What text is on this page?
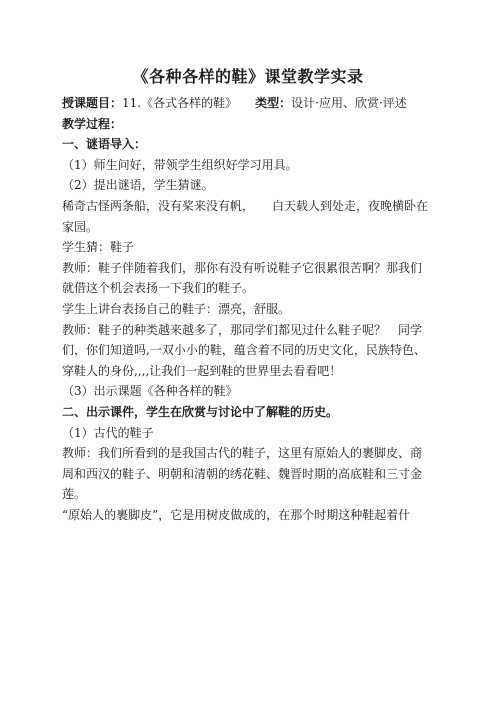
《各种各样的鞋》课堂教学实录
授课题目：11.《各式各样的鞋》 类型：设计·应用、欣赏·评述
教学过程：
一、谜语导入：
（1）师生问好，带领学生组织好学习用具。
（2）提出谜语，学生猜谜。
稀奇古怪两条船，没有桨来没有帆， 白天载人到处走，夜晚横卧在
家园。
学生猜：鞋子
教师：鞋子伴随着我们，那你有没有听说鞋子它很累很苦啊？那我们
就借这个机会表扬一下我们的鞋子。
学生上讲台表扬自己的鞋子：漂亮，舒服。
教师：鞋子的种类越来越多了，那同学们都见过什么鞋子呢？　同学
们，你们知道吗,一双小小的鞋，蕴含着不同的历史文化，民族特色、
穿鞋人的身份,,,,让我们一起到鞋的世界里去看看吧！
（3）出示课题《各种各样的鞋》
二、出示课件，学生在欣赏与讨论中了解鞋的历史。
（1）古代的鞋子
教师：我们所看到的是我国古代的鞋子，这里有原始人的裹脚皮、商
周和西汉的鞋子、明朝和清朝的绣花鞋、魏晋时期的高底鞋和三寸金
莲。
“原始人的裹脚皮”，它是用树皮做成的，在那个时期这种鞋起着什
